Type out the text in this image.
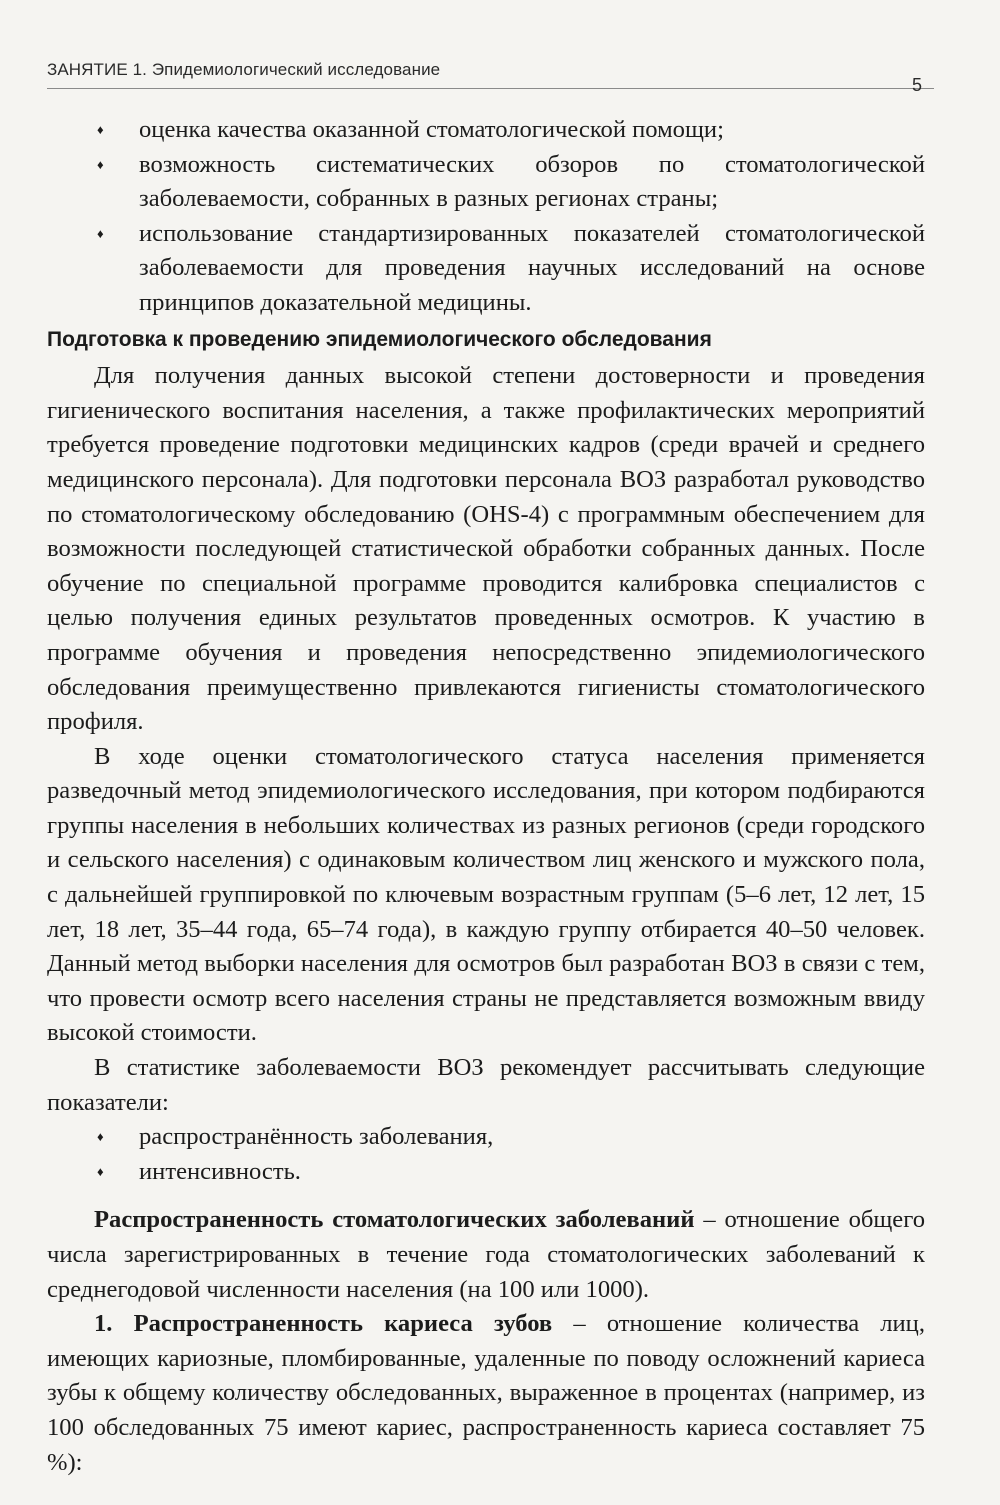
ЗАНЯТИЕ 1. Эпидемиологический исследование
5
♦ оценка качества оказанной стоматологической помощи;
♦ возможность систематических обзоров по стоматологической заболеваемости, собранных в разных регионах страны;
♦ использование стандартизированных показателей стоматологической заболеваемости для проведения научных исследований на основе принципов доказательной медицины.
Подготовка к проведению эпидемиологического обследования

Для получения данных высокой степени достоверности и проведения гигиенического воспитания населения, а также профилактических мероприятий требуется проведение подготовки медицинских кадров (среди врачей и среднего медицинского персонала). Для подготовки персонала ВОЗ разработал руководство по стоматологическому обследованию (OHS-4) с программным обеспечением для возможности последующей статистической обработки собранных данных. После обучение по специальной программе проводится калибровка специалистов с целью получения единых результатов проведенных осмотров. К участию в программе обучения и проведения непосредственно эпидемиологического обследования преимущественно привлекаются гигиенисты стоматологического профиля.

В ходе оценки стоматологического статуса населения применяется разведочный метод эпидемиологического исследования, при котором подбираются группы населения в небольших количествах из разных регионов (среди городского и сельского населения) с одинаковым количеством лиц женского и мужского пола, с дальнейшей группировкой по ключевым возрастным группам (5–6 лет, 12 лет, 15 лет, 18 лет, 35–44 года, 65–74 года), в каждую группу отбирается 40–50 человек. Данный метод выборки населения для осмотров был разработан ВОЗ в связи с тем, что провести осмотр всего населения страны не представляется возможным ввиду высокой стоимости.

В статистике заболеваемости ВОЗ рекомендует рассчитывать следующие показатели:

♦ распространённость заболевания,
♦ интенсивность.

Распространенность стоматологических заболеваний – отношение общего числа зарегистрированных в течение года стоматологических заболеваний к среднегодовой численности населения (на 100 или 1000).

1. Распространенность кариеса зубов – отношение количества лиц, имеющих кариозные, пломбированные, удаленные по поводу осложнений кариеса зубы к общему количеству обследованных, выраженное в процентах (например, из 100 обследованных 75 имеют кариес, распространенность кариеса составляет 75 %):
